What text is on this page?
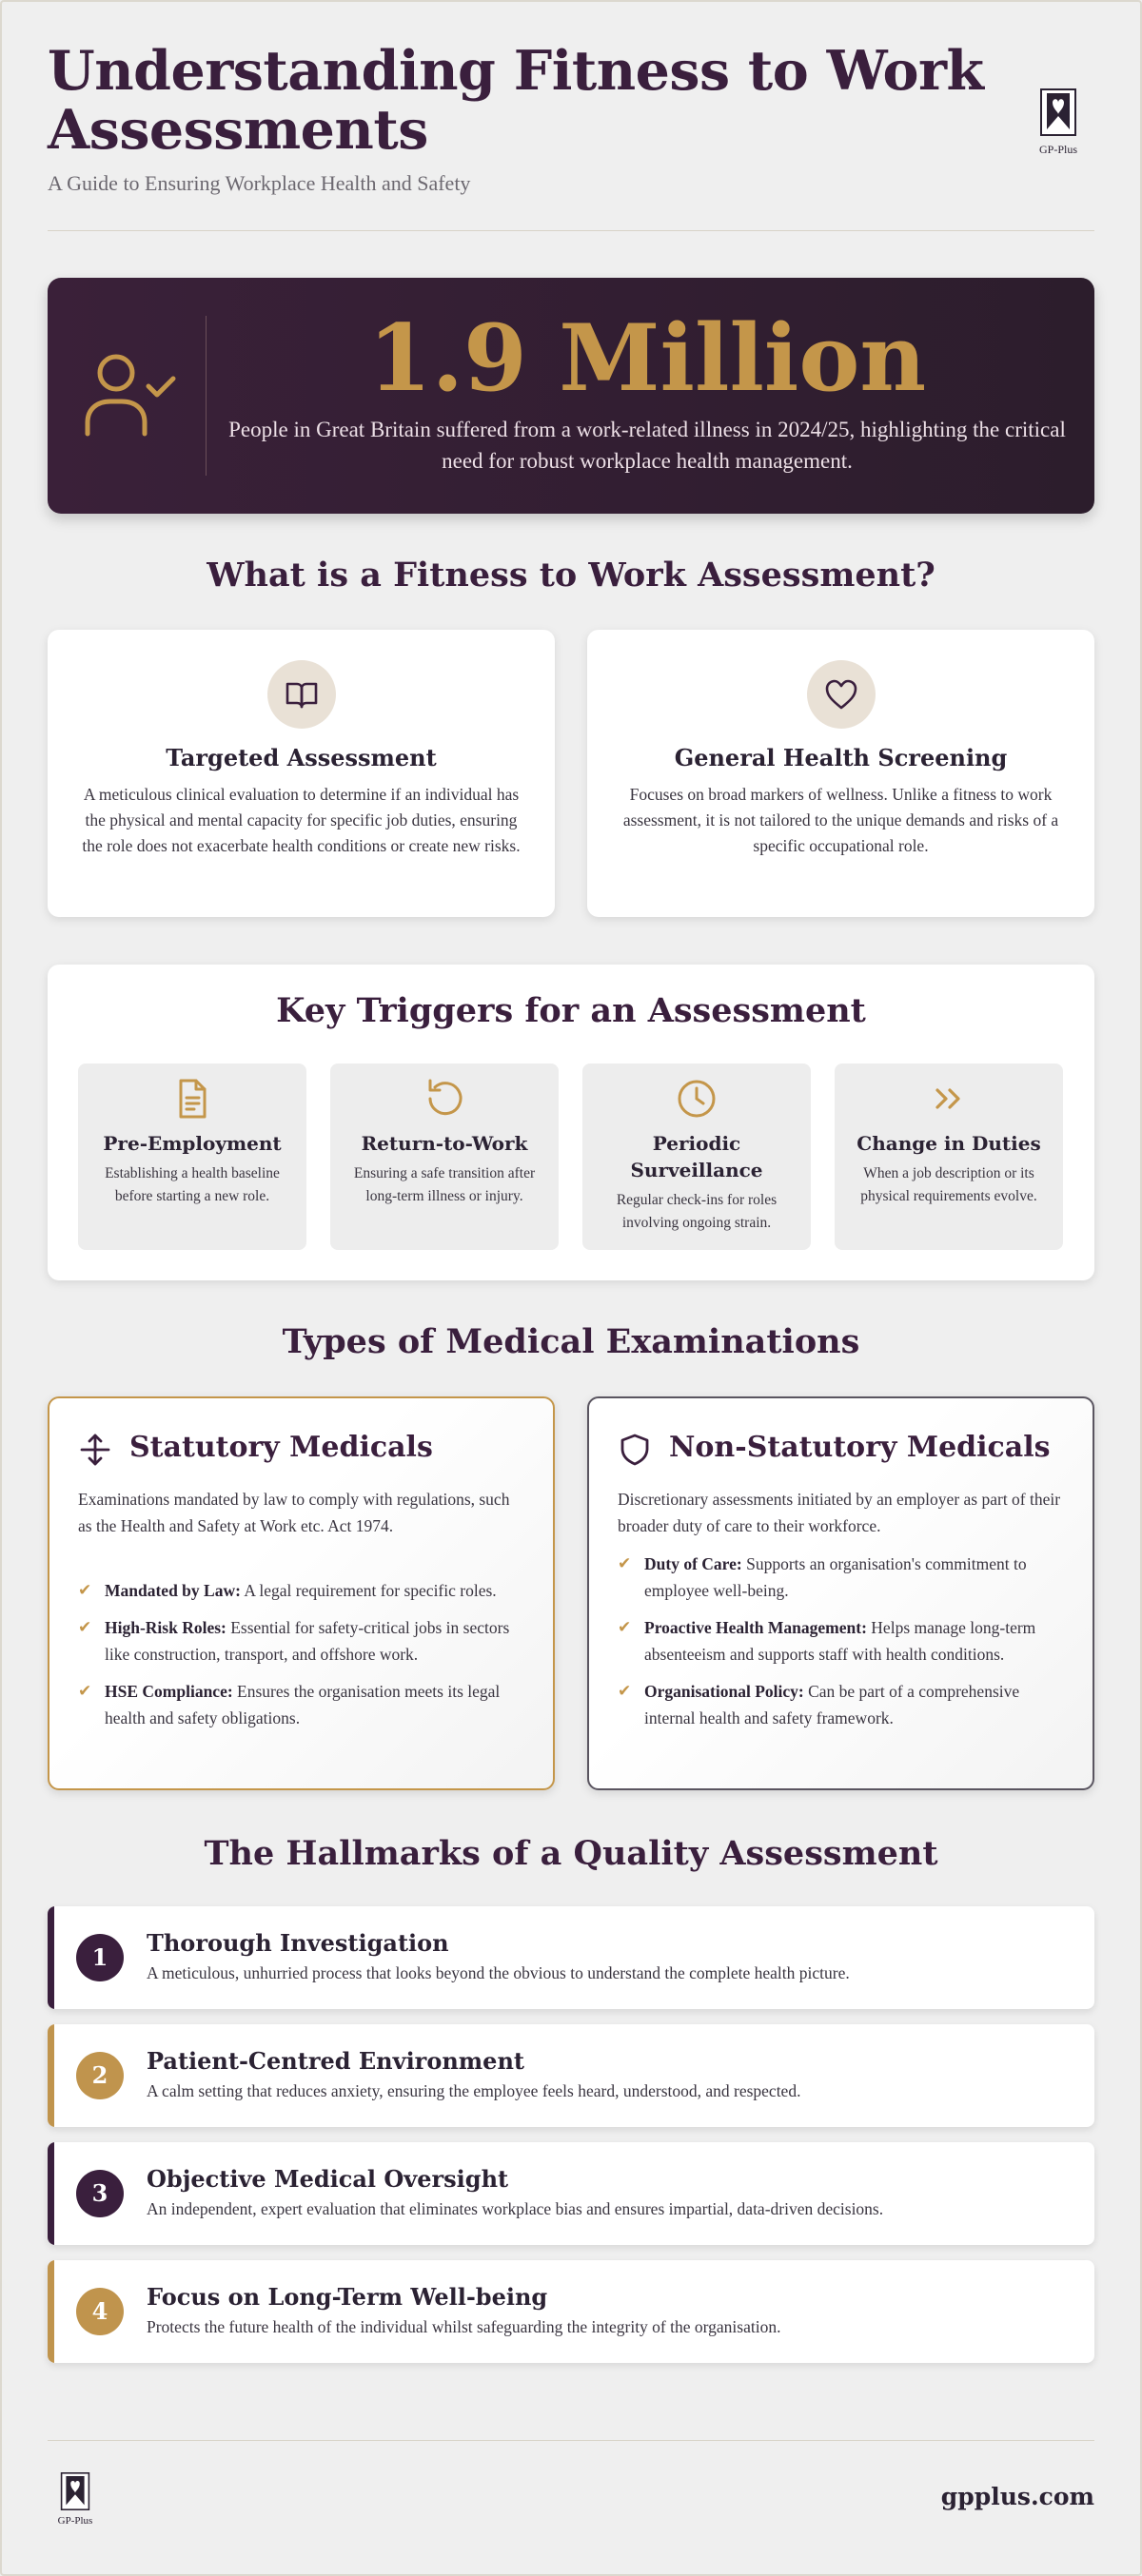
Understanding Fitness to Work Assessments
A Guide to Ensuring Workplace Health and Safety
GP-Plus
1.9 Million
People in Great Britain suffered from a work-related illness in 2024/25, highlighting the critical need for robust workplace health management.
What is a Fitness to Work Assessment?
Targeted Assessment

A meticulous clinical evaluation to determine if an individual has the physical and mental capacity for specific job duties, ensuring the role does not exacerbate health conditions or create new risks.

General Health Screening

Focuses on broad markers of wellness. Unlike a fitness to work assessment, it is not tailored to the unique demands and risks of a specific occupational role.

Key Triggers for an Assessment
Pre-Employment
Establishing a health baseline before starting a new role.
Return-to-Work
Ensuring a safe transition after long-term illness or injury.
Periodic Surveillance
Regular check-ins for roles involving ongoing strain.
Change in Duties
When a job description or its physical requirements evolve.
Types of Medical Examinations
Statutory Medicals
Examinations mandated by law to comply with regulations, such as the Health and Safety at Work etc. Act 1974.
✔ Mandated by Law: A legal requirement for specific roles.
✔ High-Risk Roles: Essential for safety-critical jobs in sectors like construction, transport, and offshore work.
✔ HSE Compliance: Ensures the organisation meets its legal health and safety obligations.
Non-Statutory Medicals
Discretionary assessments initiated by an employer as part of their broader duty of care to their workforce.
✔ Duty of Care: Supports an organisation's commitment to employee well-being.
✔ Proactive Health Management: Helps manage long-term absenteeism and supports staff with health conditions.
✔ Organisational Policy: Can be part of a comprehensive internal health and safety framework.
The Hallmarks of a Quality Assessment
1
Thorough Investigation
A meticulous, unhurried process that looks beyond the obvious to understand the complete health picture.
2
Patient-Centred Environment
A calm setting that reduces anxiety, ensuring the employee feels heard, understood, and respected.
3
Objective Medical Oversight
An independent, expert evaluation that eliminates workplace bias and ensures impartial, data-driven decisions.
4
Focus on Long-Term Well-being
Protects the future health of the individual whilst safeguarding the integrity of the organisation.
GP-Plus
gpplus.com
